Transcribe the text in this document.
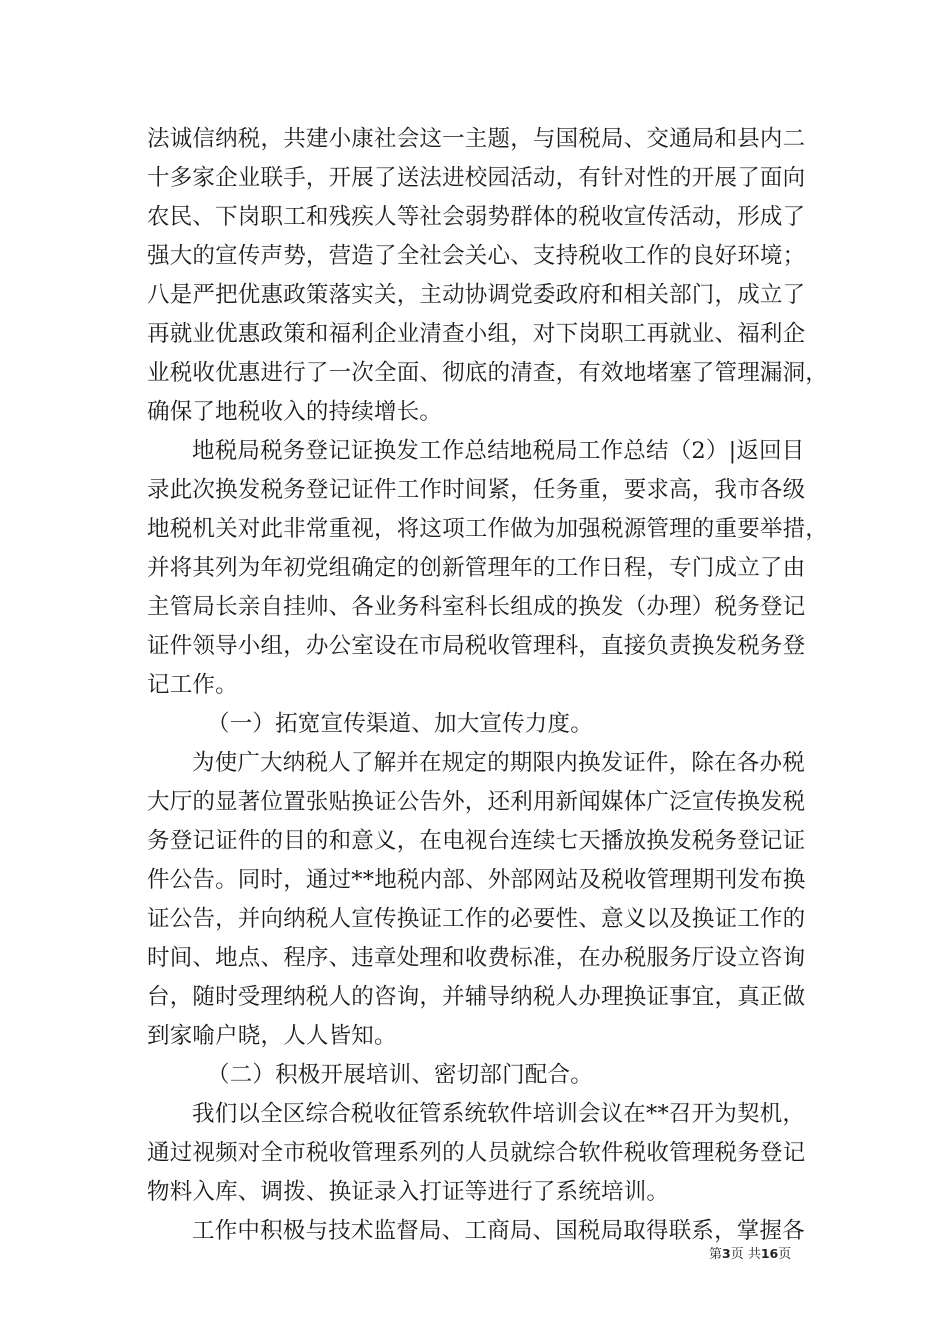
法诚信纳税，共建小康社会这一主题，与国税局、交通局和县内二
十多家企业联手，开展了送法进校园活动，有针对性的开展了面向
农民、下岗职工和残疾人等社会弱势群体的税收宣传活动，形成了
强大的宣传声势，营造了全社会关心、支持税收工作的良好环境；
八是严把优惠政策落实关，主动协调党委政府和相关部门，成立了
再就业优惠政策和福利企业清查小组，对下岗职工再就业、福利企
业税收优惠进行了一次全面、彻底的清查，有效地堵塞了管理漏洞，
确保了地税收入的持续增长。
地税局税务登记证换发工作总结地税局工作总结（2）|返回目
录此次换发税务登记证件工作时间紧，任务重，要求高，我市各级
地税机关对此非常重视，将这项工作做为加强税源管理的重要举措，
并将其列为年初党组确定的创新管理年的工作日程，专门成立了由
主管局长亲自挂帅、各业务科室科长组成的换发（办理）税务登记
证件领导小组，办公室设在市局税收管理科，直接负责换发税务登
记工作。
（一）拓宽宣传渠道、加大宣传力度。
为使广大纳税人了解并在规定的期限内换发证件，除在各办税
大厅的显著位置张贴换证公告外，还利用新闻媒体广泛宣传换发税
务登记证件的目的和意义，在电视台连续七天播放换发税务登记证
件公告。同时，通过**地税内部、外部网站及税收管理期刊发布换
证公告，并向纳税人宣传换证工作的必要性、意义以及换证工作的
时间、地点、程序、违章处理和收费标准，在办税服务厅设立咨询
台，随时受理纳税人的咨询，并辅导纳税人办理换证事宜，真正做
到家喻户晓，人人皆知。
（二）积极开展培训、密切部门配合。
我们以全区综合税收征管系统软件培训会议在**召开为契机，
通过视频对全市税收管理系列的人员就综合软件税收管理税务登记
物料入库、调拨、换证录入打证等进行了系统培训。
工作中积极与技术监督局、工商局、国税局取得联系，掌握各
第3页 共16页
